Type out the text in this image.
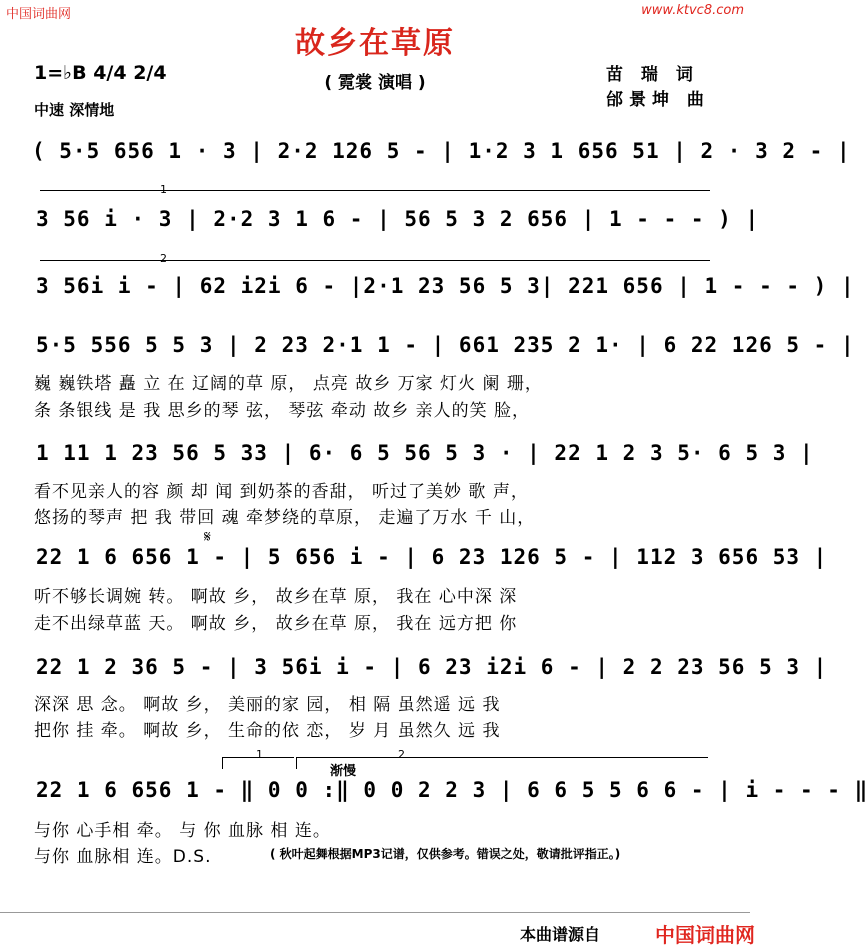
中国词曲网	www.ktvc8.com
故乡在草原
( 霓裳 演唱 )
1=♭B 4/4 2/4
中速 深情地
苗 瑞 词
邰景坤 曲
1
2
( 5·5 656 1 · 3 | 2·2 126 5 - | 1·2 3 1 656 51 | 2 · 3 2 - |
3 56 i · 3 | 2·2 3 1 6 - | 56 5 3 2 656 | 1 - - - ) |
3 56i i - | 62 i2i 6 - |2·1 23 56 5 3| 221 656 | 1 - - - ) |
5·5 556 5 5 3 | 2 23 2·1 1 - | 661 235 2 1· | 6 22 126 5 - |
巍 巍铁塔 矗 立 在 辽阔的草 原， 点亮 故乡 万家 灯火 阑 珊，
条 条银线 是 我 思乡的琴 弦， 琴弦 牵动 故乡 亲人的笑 脸，
1 11 1 23 56 5 33 | 6· 6 5 56 5 3 · | 22 1 2 3 5· 6 5 3 |
看不见亲人的容 颜 却 闻 到奶茶的香甜， 听过了美妙 歌 声，
悠扬的琴声 把 我 带回 魂 牵梦绕的草原， 走遍了万水 千 山，
𝄋
22 1 6 656 1 - | 5 656 i - | 6 23 126 5 - | 112 3 656 53 |
听不够长调婉 转。 啊故 乡， 故乡在草 原， 我在 心中深 深
走不出绿草蓝 天。 啊故 乡， 故乡在草 原， 我在 远方把 你
22 1 2 36 5 - | 3 56i i - | 6 23 i2i 6 - | 2 2 23 56 5 3 |
深深 思 念。 啊故 乡， 美丽的家 园， 相 隔 虽然遥 远 我
把你 挂 牵。 啊故 乡， 生命的依 恋， 岁 月 虽然久 远 我
1	2
渐慢
22 1 6 656 1 - ‖ 0 0 :‖ 0 0 2 2 3 | 6 6 5 5 6 6 - | i - - - ‖
与你 心手相 牵。 与 你 血脉 相 连。
与你 血脉相 连。D.S.	( 秋叶起舞根据MP3记谱，仅供参考。错误之处，敬请批评指正。)
本曲谱源自	中国词曲网
